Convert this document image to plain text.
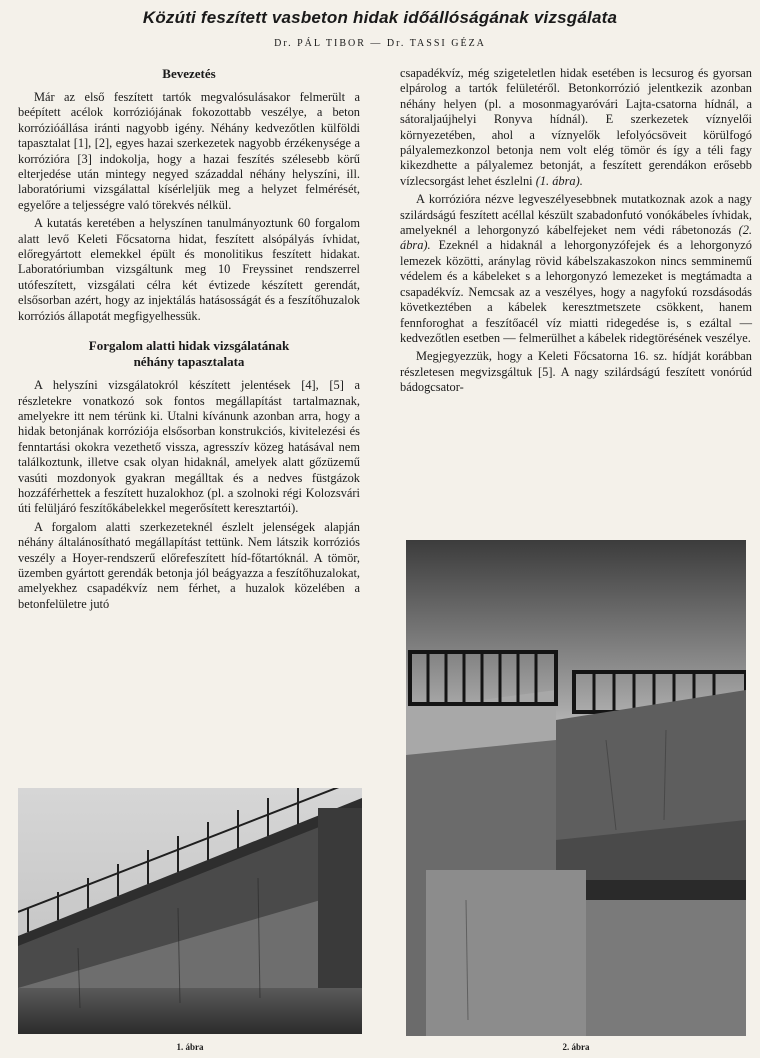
Közúti feszített vasbeton hidak időállóságának vizsgálata
Dr. PÁL TIBOR — Dr. TASSI GÉZA
Bevezetés

Már az első feszített tartók megvalósulásakor felmerült a beépített acélok korróziójának fokozottabb veszélye, a beton korrózióállása iránti nagyobb igény. Néhány kedvezőtlen külföldi tapasztalat [1], [2], egyes hazai szerkezetek nagyobb érzékenysége a korrózióra [3] indokolja, hogy a hazai feszítés szélesebb körű elterjedése után mintegy negyed századdal néhány helyszíni, ill. laboratóriumi vizsgálattal kísérleljük meg a helyzet felmérését, egyelőre a teljességre való törekvés nélkül.

A kutatás keretében a helyszínen tanulmányoztunk 60 forgalom alatt levő Keleti Főcsatorna hidat, feszített alsópályás ívhidat, előregyártott elemekkel épült és monolitikus feszített hidakat. Laboratóriumban vizsgáltunk meg 10 Freyssinet rendszerrel utófeszített, vizsgálati célra két évtizede készített gerendát, elsősorban azért, hogy az injektálás hatásosságát és a feszítőhuzalok korróziós állapotát megfigyelhessük.

Forgalom alatti hidak vizsgálatának
néhány tapasztalata

A helyszíni vizsgálatokról készített jelentések [4], [5] a részletekre vonatkozó sok fontos megállapítást tartalmaznak, amelyekre itt nem térünk ki. Utalni kívánunk azonban arra, hogy a hidak betonjának korróziója elsősorban konstrukciós, kivitelezési és fenntartási okokra vezethető vissza, agresszív közeg hatásával nem találkoztunk, illetve csak olyan hidaknál, amelyek alatt gőzüzemű vasúti mozdonyok gyakran megálltak és a nedves füstgázok hozzáférhettek a feszített huzalokhoz (pl. a szolnoki régi Kolozsvári úti felüljáró feszítőkábelekkel megerősített keresztartói).

A forgalom alatti szerkezeteknél észlelt jelenségek alapján néhány általánosítható megállapítást tettünk. Nem látszik korróziós veszély a Hoyer-rendszerű előrefeszített híd-főtartóknál. A tömör, üzemben gyártott gerendák betonja jól beágyazza a feszítőhuzalokat, amelyekhez csapadékvíz nem férhet, a huzalok közelében a betonfelületre jutó

csapadékvíz, még szigeteletlen hidak esetében is lecsurog és gyorsan elpárolog a tartók felületéről. Betonkorrózió jelentkezik azonban néhány helyen (pl. a mosonmagyaróvári Lajta-csatorna hídnál, a sátoraljaújhelyi Ronyva hídnál). E szerkezetek víznyelői környezetében, ahol a víznyelők lefolyócsöveit körülfogó pályalemezkonzol betonja nem volt elég tömör és így a téli fagy kikezdhette a pályalemez betonját, a feszített gerendákon erősebb vízlecsorgást lehet észlelni (1. ábra).

A korrózióra nézve legveszélyesebbnek mutatkoznak azok a nagy szilárdságú feszített acéllal készült szabadonfutó vonókábeles ívhidak, amelyeknél a lehorgonyzó kábelfejeket nem védi rábetonozás (2. ábra). Ezeknél a hidaknál a lehorgonyzófejek és a lehorgonyzó lemezek közötti, aránylag rövid kábelszakaszokon nincs semminemű védelem és a kábeleket s a lehorgonyzó lemezeket is megtámadta a csapadékvíz. Nemcsak az a veszélyes, hogy a nagyfokú rozsdásodás következtében a kábelek keresztmetszete csökkent, hanem fennforoghat a feszítőacél víz miatti ridegedése is, s ezáltal — kedvezőtlen esetben — felmerülhet a kábelek ridegtörésének veszélye.

Megjegyezzük, hogy a Keleti Főcsatorna 16. sz. hídját korábban részletesen megvizsgáltuk [5]. A nagy szilárdságú feszített vonórúd bádogcsator-

1. ábra	2. ábra
